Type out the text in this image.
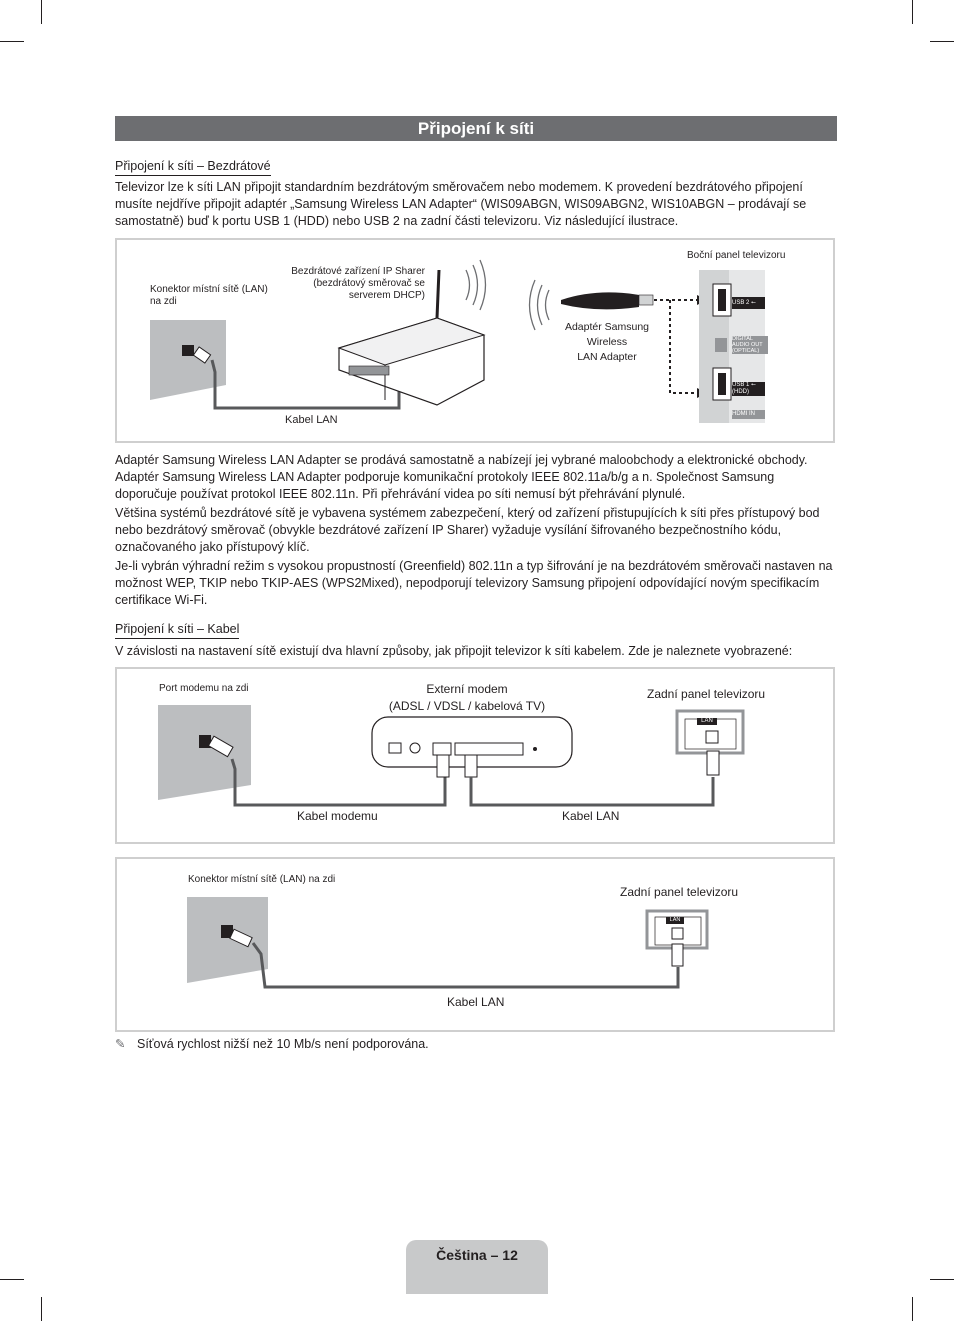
Připojení k síti
Připojení k síti – Bezdrátové

Televizor lze k síti LAN připojit standardním bezdrátovým směrovačem nebo modemem. K provedení bezdrátového připojení musíte nejdříve připojit adaptér „Samsung Wireless LAN Adapter“ (WIS09ABGN, WIS09ABGN2, WIS10ABGN – prodávají se samostatně) buď k portu USB 1 (HDD) nebo USB 2 na zadní části televizoru. Viz následující ilustrace.

Konektor místní sítě (LAN) na zdi
Bezdrátové zařízení IP Sharer (bezdrátový směrovač se serverem DHCP)
Kabel LAN
Adaptér Samsung Wireless
LAN Adapter
Boční panel televizoru
USB 2 ⭠
DIGITAL AUDIO OUT (OPTICAL)
USB 1 ⭠ (HDD)
HDMI IN

Adaptér Samsung Wireless LAN Adapter se prodává samostatně a nabízejí jej vybrané maloobchody a elektronické obchody. Adaptér Samsung Wireless LAN Adapter podporuje komunikační protokoly IEEE 802.11a/b/g a n. Společnost Samsung doporučuje používat protokol IEEE 802.11n. Při přehrávání videa po síti nemusí být přehrávání plynulé.

Většina systémů bezdrátové sítě je vybavena systémem zabezpečení, který od zařízení přistupujících k síti přes přístupový bod nebo bezdrátový směrovač (obvykle bezdrátové zařízení IP Sharer) vyžaduje vysílání šifrovaného bezpečnostního kódu, označovaného jako přístupový klíč.

Je-li vybrán výhradní režim s vysokou propustností (Greenfield) 802.11n a typ šifrování je na bezdrátovém směrovači nastaven na možnost WEP, TKIP nebo TKIP-AES (WPS2Mixed), nepodporují televizory Samsung připojení odpovídající novým specifikacím certifikace Wi-Fi.

Připojení k síti – Kabel

V závislosti na nastavení sítě existují dva hlavní způsoby, jak připojit televizor k síti kabelem. Zde je naleznete vyobrazené:

Port modemu na zdi	Externí modem
(ADSL / VDSL / kabelová TV)
Zadní panel televizoru
Kabel modemu	Kabel LAN
LAN
Konektor místní sítě (LAN) na zdi
Zadní panel televizoru
Kabel LAN
LAN
✎ Síťová rychlost nižší než 10 Mb/s není podporována.
Čeština – 12
